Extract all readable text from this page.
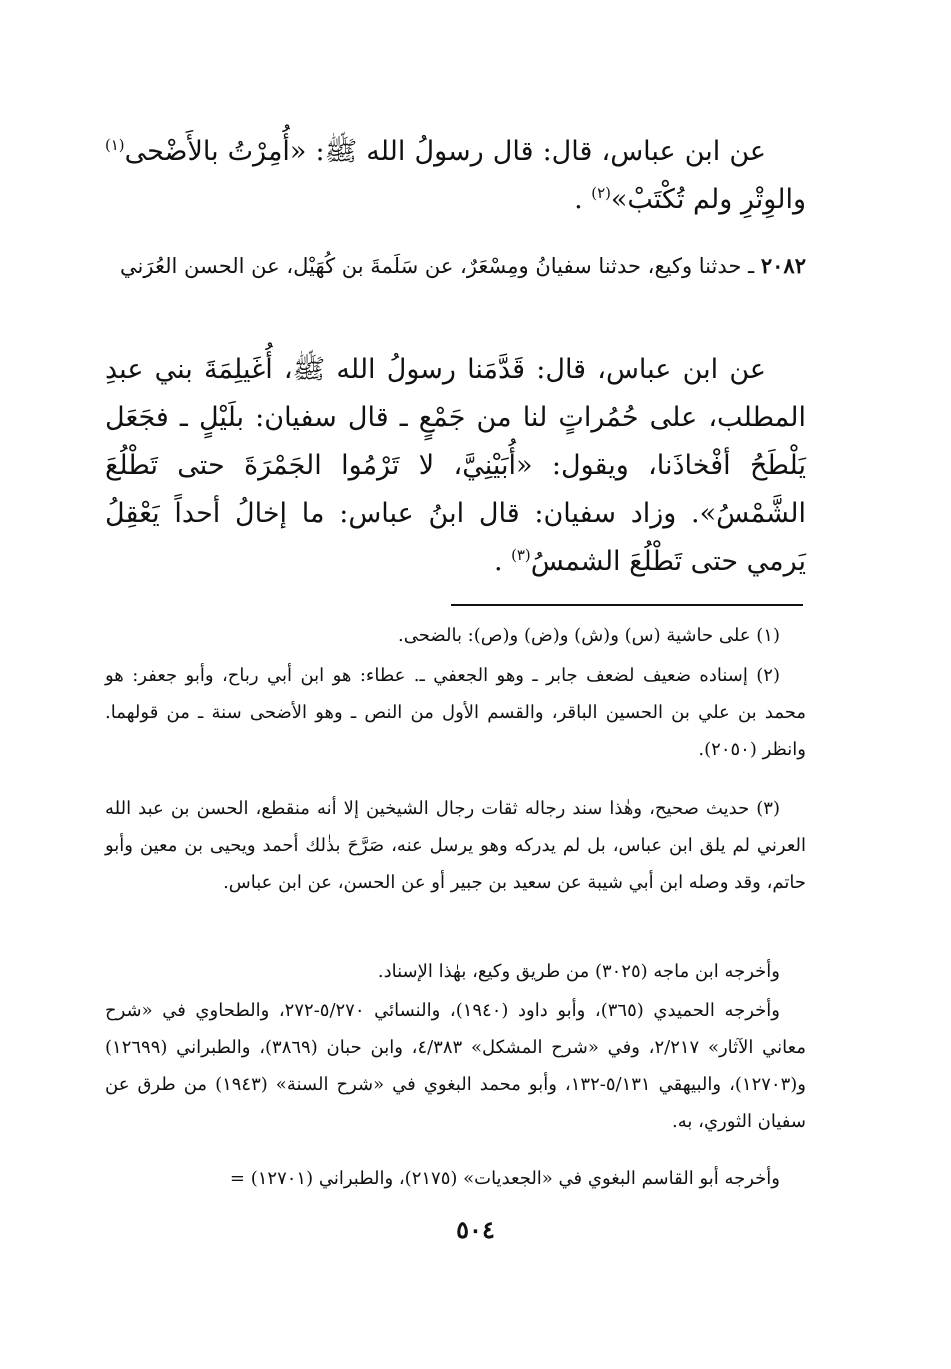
عن ابن عباس، قال: قال رسولُ الله ﷺ: «أُمِرْتُ بالأَضْحى$^{(١)}$ والوِتْرِ ولم تُكْتَبْ»$^{(٢)}$ .
٢٠٨٢ ـ حدثنا وكيع، حدثنا سفيانُ ومِسْعَرٌ، عن سَلَمةَ بن كُهَيْل، عن الحسن العُرَني
عن ابن عباس، قال: قَدَّمَنا رسولُ الله ﷺ، أُغَيلِمَةَ بني عبدِ المطلب، على حُمُراتٍ لنا من جَمْعٍ ـ قال سفيان: بلَيْلٍ ـ فجَعَل يَلْطَحُ أفْخاذَنا، ويقول: «أُبَيْنِيَّ، لا تَرْمُوا الجَمْرَةَ حتى تَطْلُعَ الشَّمْسُ». وزاد سفيان: قال ابنُ عباس: ما إخالُ أحداً يَعْقِلُ يَرمي حتى تَطْلُعَ الشمسُ$^{(٣)}$ .
(١) على حاشية (س) و(ش) و(ض) و(ص): بالضحى.
(٢) إسناده ضعيف لضعف جابر ـ وهو الجعفي ـ. عطاء: هو ابن أبي رباح، وأبو جعفر: هو محمد بن علي بن الحسين الباقر، والقسم الأول من النص ـ وهو الأضحى سنة ـ من قولهما. وانظر (٢٠٥٠).
(٣) حديث صحيح، وهٰذا سند رجاله ثقات رجال الشيخين إلا أنه منقطع، الحسن بن عبد الله العرني لم يلق ابن عباس، بل لم يدركه وهو يرسل عنه، صَرَّحَ بذٰلك أحمد ويحيى بن معين وأبو حاتم، وقد وصله ابن أبي شيبة عن سعيد بن جبير أو عن الحسن، عن ابن عباس.
وأخرجه ابن ماجه (٣٠٢٥) من طريق وكيع، بهٰذا الإسناد.
وأخرجه الحميدي (٣٦٥)، وأبو داود (١٩٤٠)، والنسائي ٥/٢٧٠-٢٧٢، والطحاوي في «شرح معاني الآثار» ٢/٢١٧، وفي «شرح المشكل» ٤/٣٨٣، وابن حبان (٣٨٦٩)، والطبراني (١٢٦٩٩) و(١٢٧٠٣)، والبيهقي ٥/١٣١-١٣٢، وأبو محمد البغوي في «شرح السنة» (١٩٤٣) من طرق عن سفيان الثوري، به.
وأخرجه أبو القاسم البغوي في «الجعديات» (٢١٧٥)، والطبراني (١٢٧٠١) =
٥٠٤
